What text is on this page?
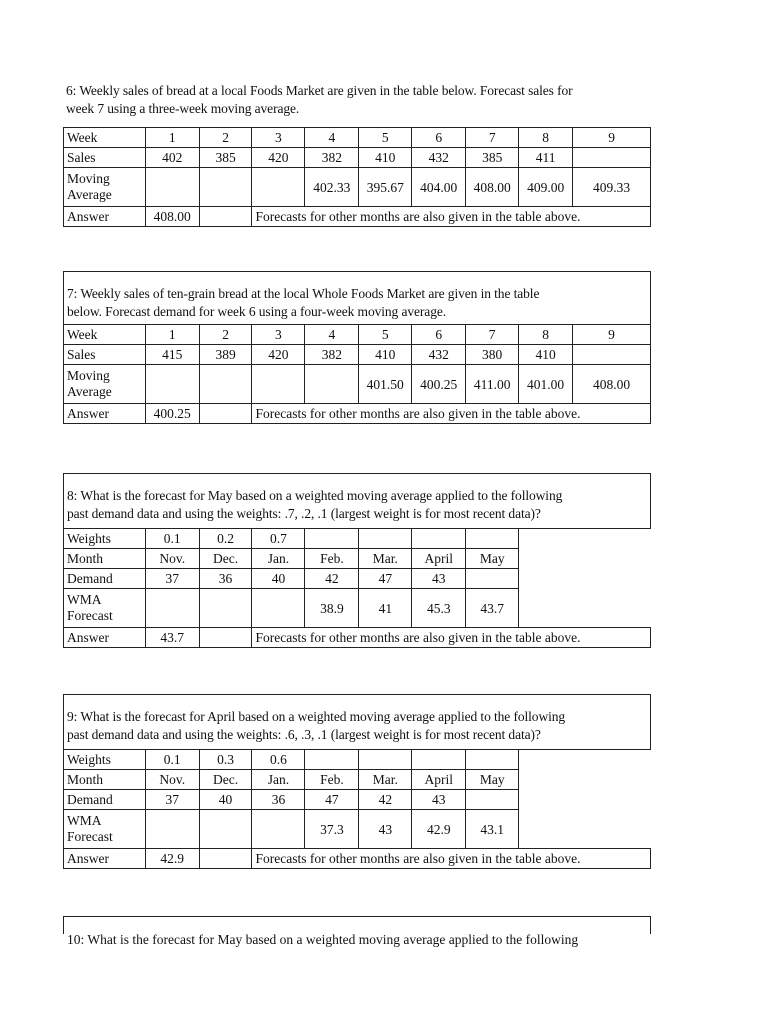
6: Weekly sales of bread at a local Foods Market are given in the table below. Forecast sales for
week 7 using a three-week moving average.
Week	1	2	3	4	5	6	7	8	9
Sales	402	385	420	382	410	432	385	411	
Moving Average				402.33	395.67	404.00	408.00	409.00	409.33
Answer	408.00		Forecasts for other months are also given in the table above.						
7: Weekly sales of ten-grain bread at the local Whole Foods Market are given in the table
below. Forecast demand for week 6 using a four-week moving average.
Week	1	2	3	4	5	6	7	8	9
Sales	415	389	420	382	410	432	380	410	
Moving Average					401.50	400.25	411.00	401.00	408.00
Answer	400.25		Forecasts for other months are also given in the table above.						
8: What is the forecast for May based on a weighted moving average applied to the following
past demand data and using the weights: .7, .2, .1 (largest weight is for most recent data)?
Weights	0.1	0.2	0.7						
Month	Nov.	Dec.	Jan.	Feb.	Mar.	April	May		
Demand	37	36	40	42	47	43			
WMA Forecast				38.9	41	45.3	43.7		
Answer	43.7		Forecasts for other months are also given in the table above.						
9: What is the forecast for April based on a weighted moving average applied to the following
past demand data and using the weights: .6, .3, .1 (largest weight is for most recent data)?
Weights	0.1	0.3	0.6						
Month	Nov.	Dec.	Jan.	Feb.	Mar.	April	May		
Demand	37	40	36	47	42	43			
WMA Forecast				37.3	43	42.9	43.1		
Answer	42.9		Forecasts for other months are also given in the table above.						
10: What is the forecast for May based on a weighted moving average applied to the following
